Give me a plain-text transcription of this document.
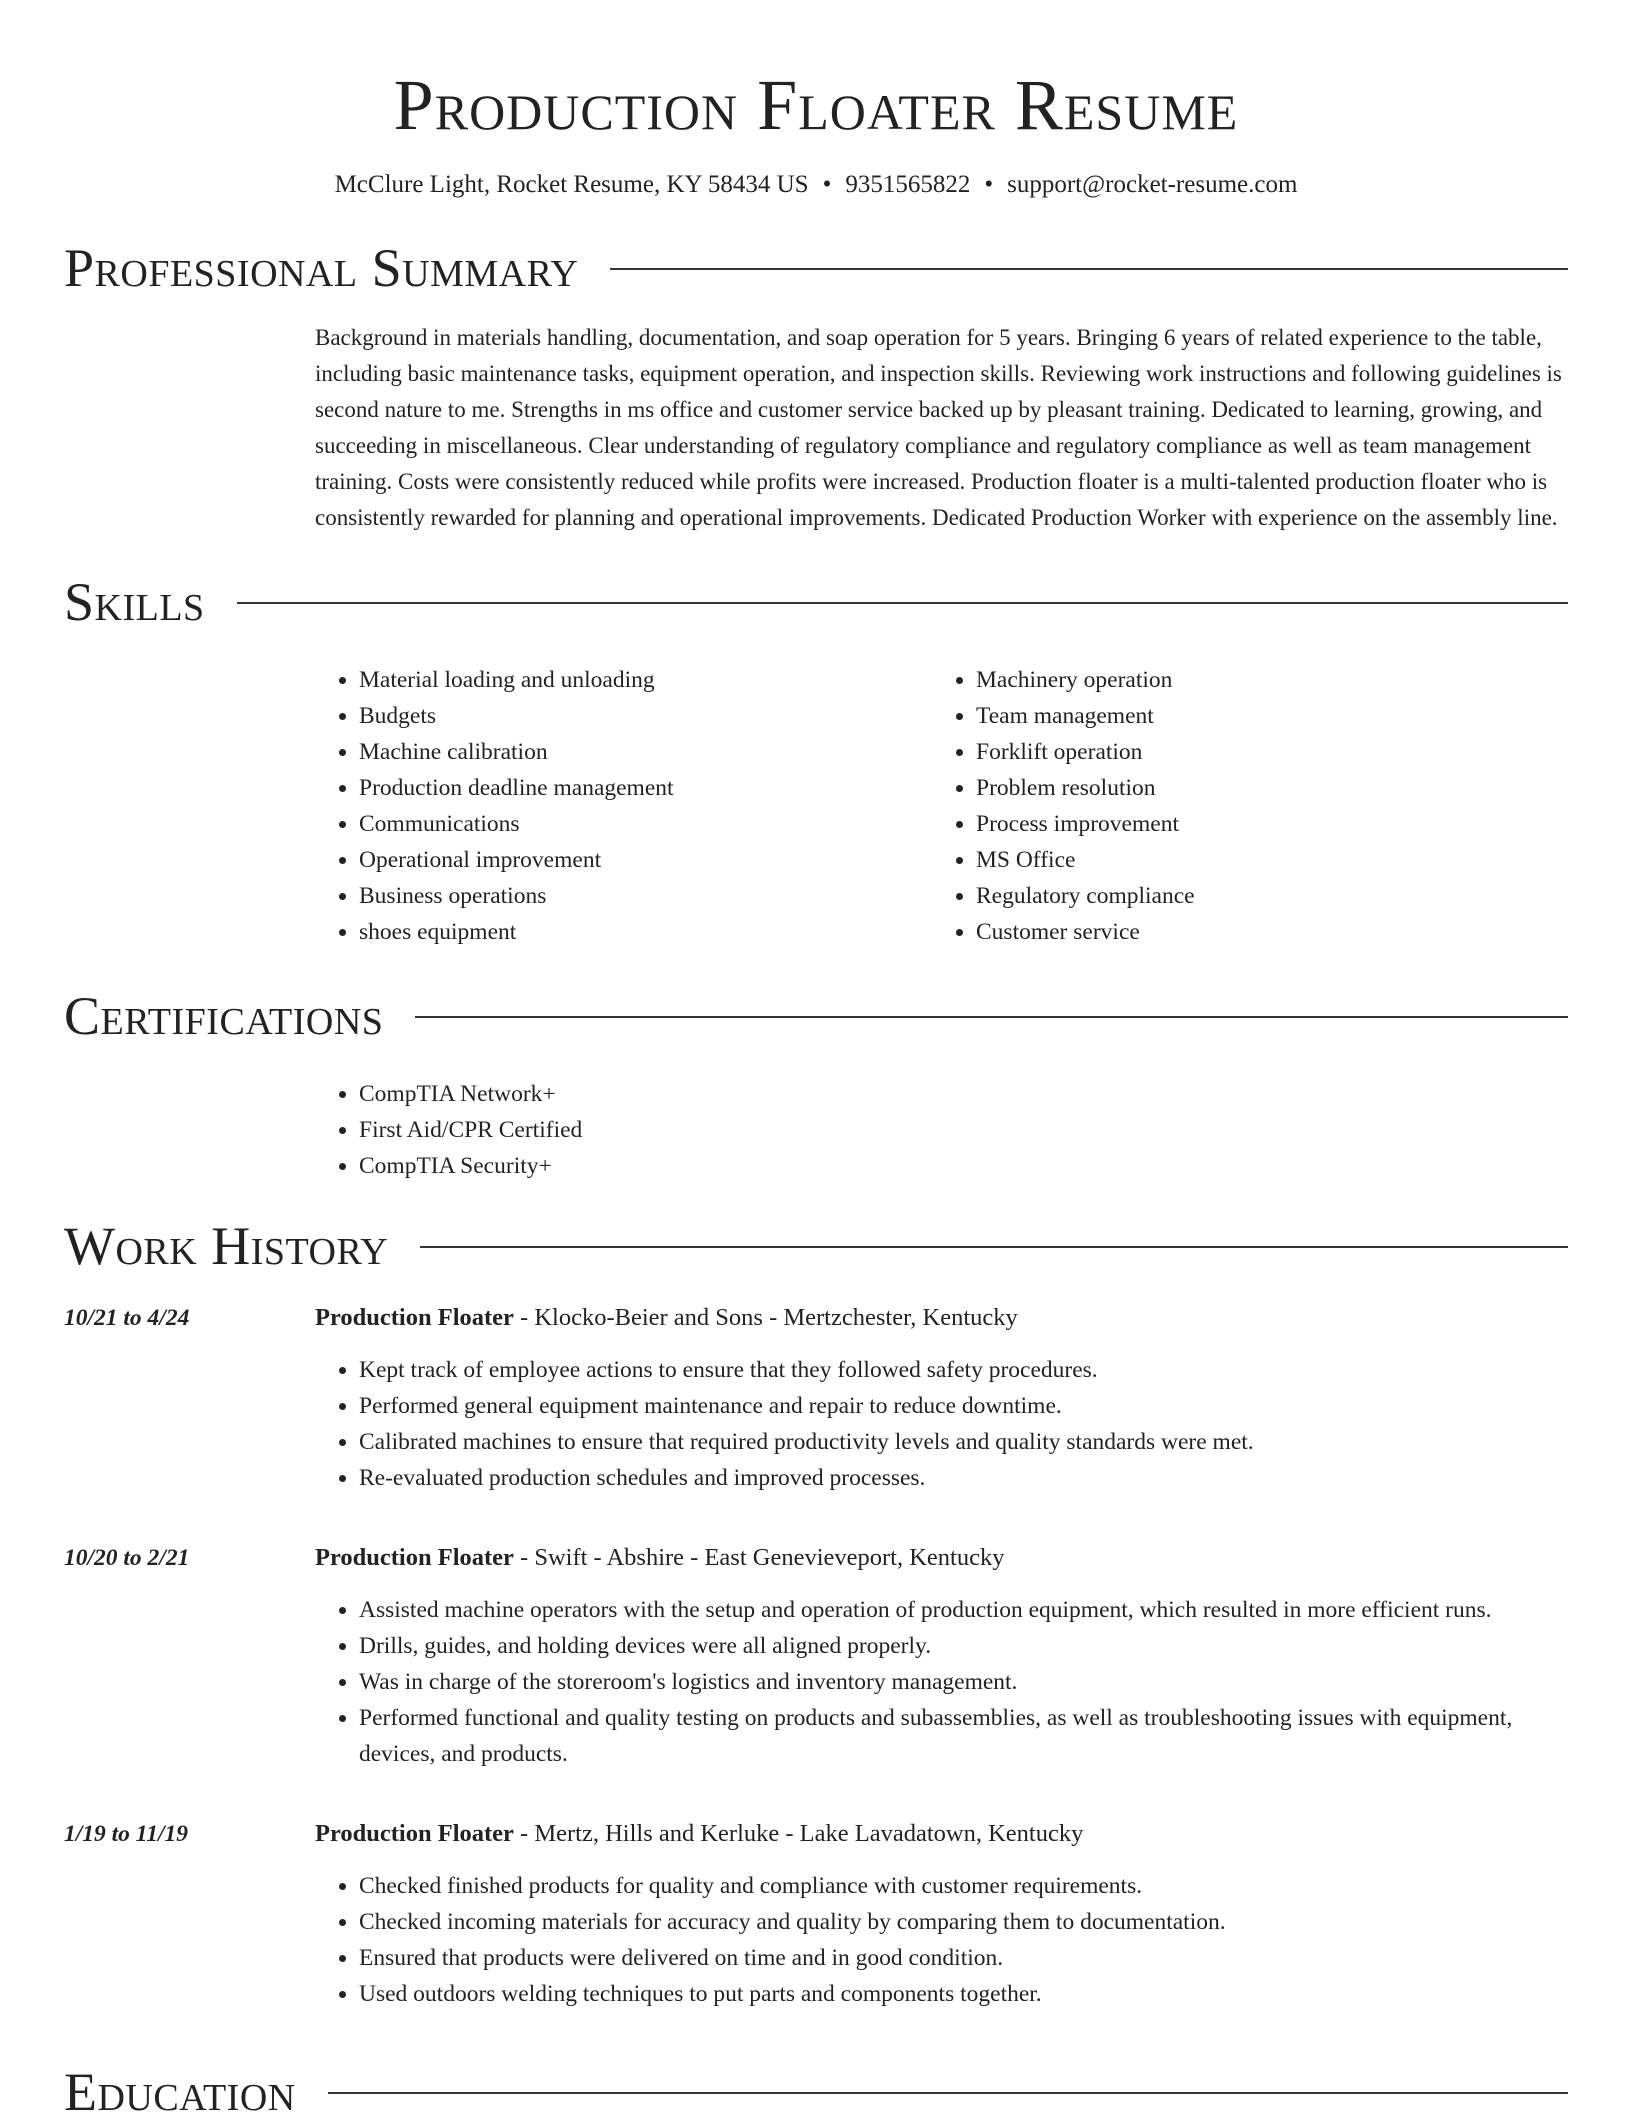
Production Floater Resume
McClure Light, Rocket Resume, KY 58434 US • 9351565822 • support@rocket-resume.com
Professional Summary

Background in materials handling, documentation, and soap operation for 5 years. Bringing 6 years of related experience to the table, including basic maintenance tasks, equipment operation, and inspection skills. Reviewing work instructions and following guidelines is second nature to me. Strengths in ms office and customer service backed up by pleasant training. Dedicated to learning, growing, and succeeding in miscellaneous. Clear understanding of regulatory compliance and regulatory compliance as well as team management training. Costs were consistently reduced while profits were increased. Production floater is a multi-talented production floater who is consistently rewarded for planning and operational improvements. Dedicated Production Worker with experience on the assembly line.

Skills
• Material loading and unloading
• Budgets
• Machine calibration
• Production deadline management
• Communications
• Operational improvement
• Business operations
• shoes equipment
• Machinery operation
• Team management
• Forklift operation
• Problem resolution
• Process improvement
• MS Office
• Regulatory compliance
• Customer service
Certifications
• CompTIA Network+
• First Aid/CPR Certified
• CompTIA Security+
Work History
10/21 to 4/24	Production Floater - Klocko-Beier and Sons - Mertzchester, Kentucky
• Kept track of employee actions to ensure that they followed safety procedures.
• Performed general equipment maintenance and repair to reduce downtime.
• Calibrated machines to ensure that required productivity levels and quality standards were met.
• Re-evaluated production schedules and improved processes.
10/20 to 2/21	Production Floater - Swift - Abshire - East Genevieveport, Kentucky
• Assisted machine operators with the setup and operation of production equipment, which resulted in more efficient runs.
• Drills, guides, and holding devices were all aligned properly.
• Was in charge of the storeroom's logistics and inventory management.
• Performed functional and quality testing on products and subassemblies, as well as troubleshooting issues with equipment, devices, and products.
1/19 to 11/19	Production Floater - Mertz, Hills and Kerluke - Lake Lavadatown, Kentucky
• Checked finished products for quality and compliance with customer requirements.
• Checked incoming materials for accuracy and quality by comparing them to documentation.
• Ensured that products were delivered on time and in good condition.
• Used outdoors welding techniques to put parts and components together.
Education
